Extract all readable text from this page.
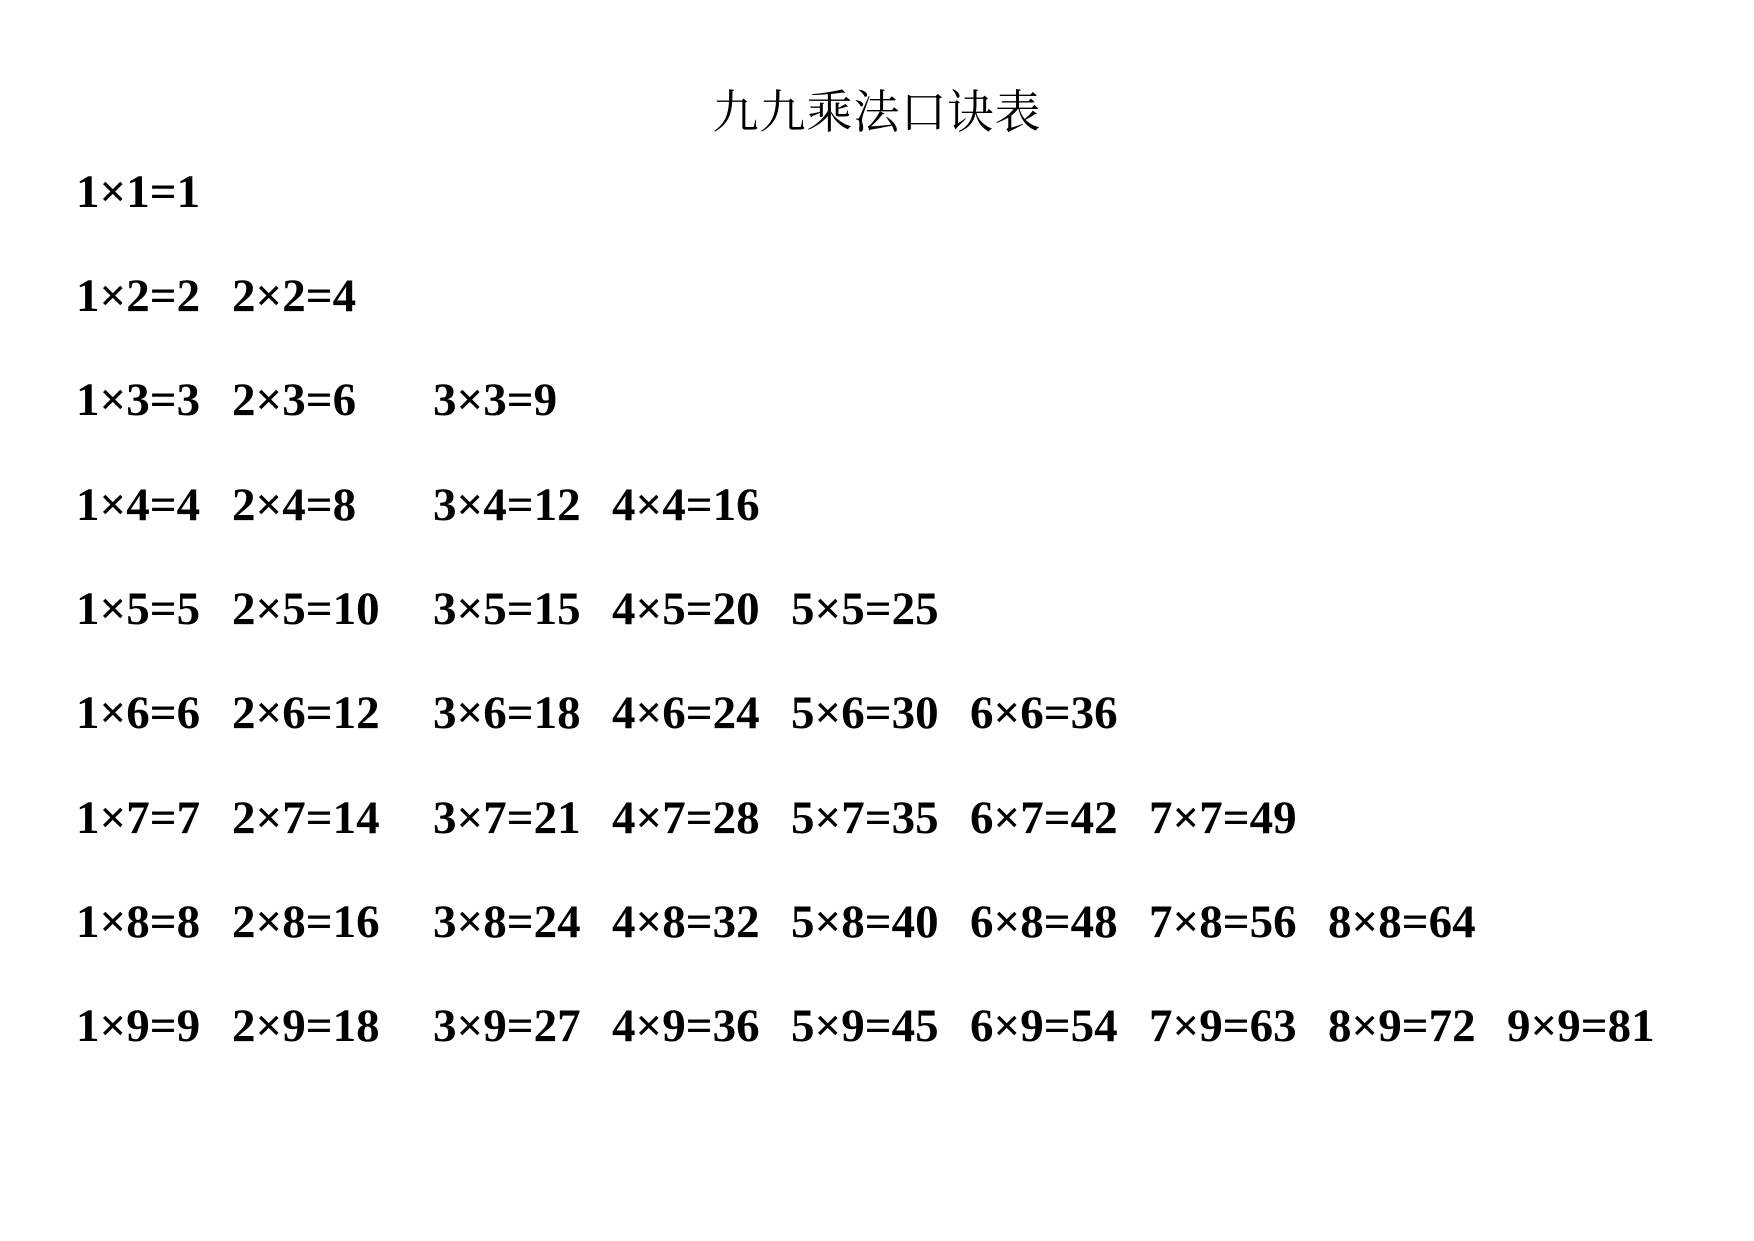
九九乘法口诀表
1×1=1
1×2=2 2×2=4
1×3=3 2×3=6 3×3=9
1×4=4 2×4=8 3×4=12 4×4=16
1×5=5 2×5=10 3×5=15 4×5=20 5×5=25
1×6=6 2×6=12 3×6=18 4×6=24 5×6=30 6×6=36
1×7=7 2×7=14 3×7=21 4×7=28 5×7=35 6×7=42 7×7=49
1×8=8 2×8=16 3×8=24 4×8=32 5×8=40 6×8=48 7×8=56 8×8=64
1×9=9 2×9=18 3×9=27 4×9=36 5×9=45 6×9=54 7×9=63 8×9=72 9×9=81
